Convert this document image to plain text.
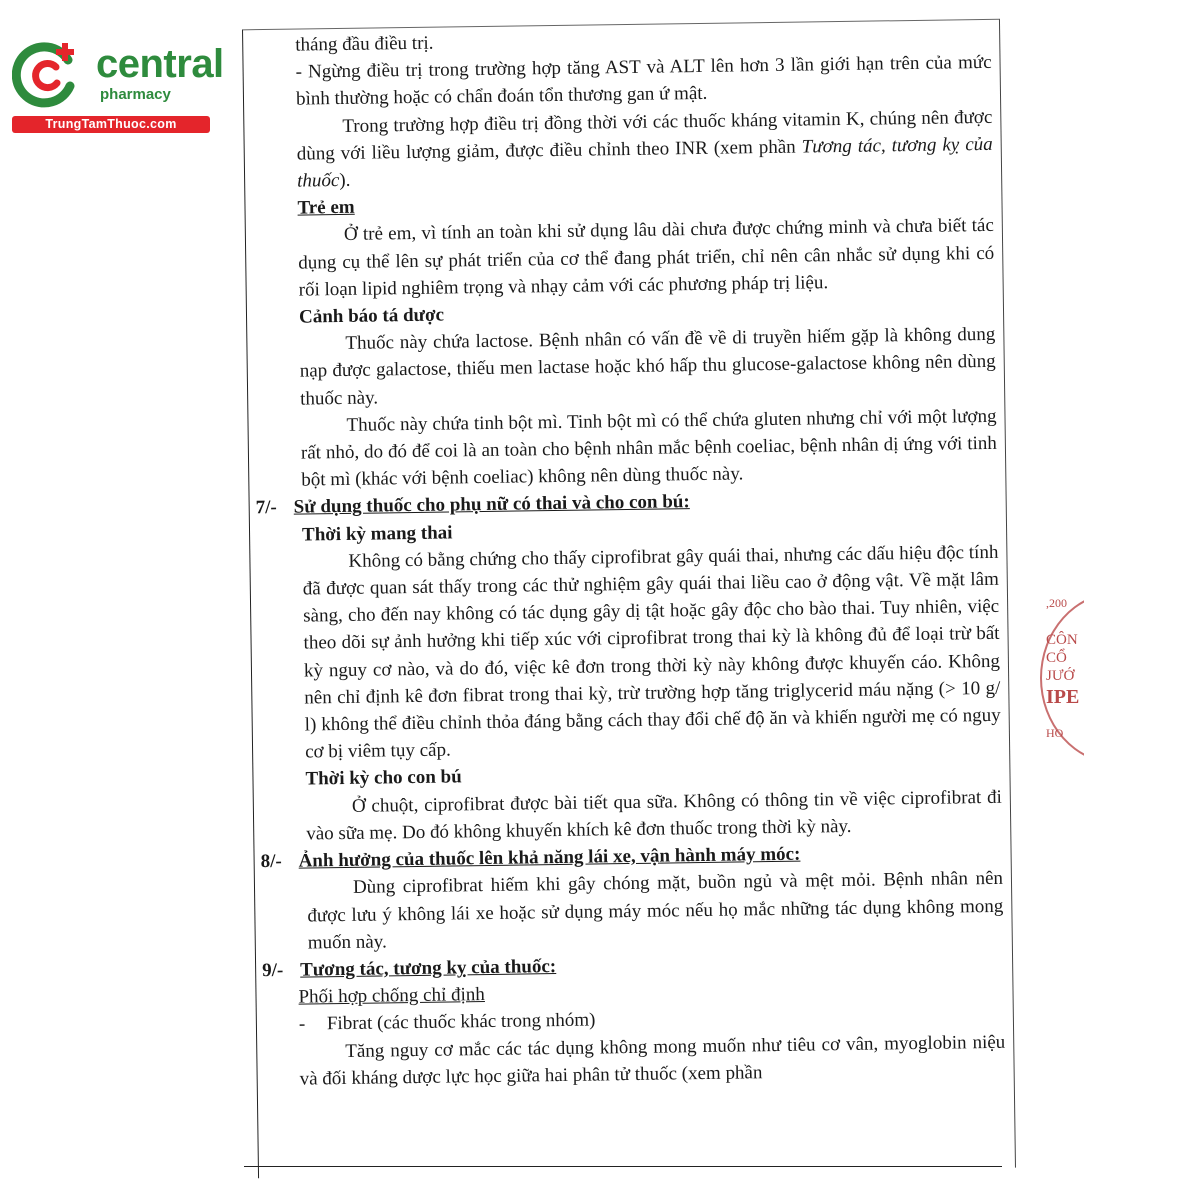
central
pharmacy
TrungTamThuoc.com

tháng đầu điều trị.

- Ngừng điều trị trong trường hợp tăng AST và ALT lên hơn 3 lần giới hạn trên của mức bình thường hoặc có chẩn đoán tổn thương gan ứ mật.

Trong trường hợp điều trị đồng thời với các thuốc kháng vitamin K, chúng nên được dùng với liều lượng giảm, được điều chỉnh theo INR (xem phần Tương tác, tương kỵ của thuốc).

Trẻ em

Ở trẻ em, vì tính an toàn khi sử dụng lâu dài chưa được chứng minh và chưa biết tác dụng cụ thể lên sự phát triển của cơ thể đang phát triển, chỉ nên cân nhắc sử dụng khi có rối loạn lipid nghiêm trọng và nhạy cảm với các phương pháp trị liệu.

Cảnh báo tá dược

Thuốc này chứa lactose. Bệnh nhân có vấn đề về di truyền hiếm gặp là không dung nạp được galactose, thiếu men lactase hoặc khó hấp thu glucose-galactose không nên dùng thuốc này.

Thuốc này chứa tinh bột mì. Tinh bột mì có thể chứa gluten nhưng chỉ với một lượng rất nhỏ, do đó để coi là an toàn cho bệnh nhân mắc bệnh coeliac, bệnh nhân dị ứng với tinh bột mì (khác với bệnh coeliac) không nên dùng thuốc này.

7/- Sử dụng thuốc cho phụ nữ có thai và cho con bú:

Thời kỳ mang thai

Không có bằng chứng cho thấy ciprofibrat gây quái thai, nhưng các dấu hiệu độc tính đã được quan sát thấy trong các thử nghiệm gây quái thai liều cao ở động vật. Về mặt lâm sàng, cho đến nay không có tác dụng gây dị tật hoặc gây độc cho bào thai. Tuy nhiên, việc theo dõi sự ảnh hưởng khi tiếp xúc với ciprofibrat trong thai kỳ là không đủ để loại trừ bất kỳ nguy cơ nào, và do đó, việc kê đơn trong thời kỳ này không được khuyến cáo. Không nên chỉ định kê đơn fibrat trong thai kỳ, trừ trường hợp tăng triglycerid máu nặng (> 10 g/ l) không thể điều chỉnh thỏa đáng bằng cách thay đổi chế độ ăn và khiến người mẹ có nguy cơ bị viêm tụy cấp.

Thời kỳ cho con bú

Ở chuột, ciprofibrat được bài tiết qua sữa. Không có thông tin về việc ciprofibrat đi vào sữa mẹ. Do đó không khuyến khích kê đơn thuốc trong thời kỳ này.

8/- Ảnh hưởng của thuốc lên khả năng lái xe, vận hành máy móc:

Dùng ciprofibrat hiếm khi gây chóng mặt, buồn ngủ và mệt mỏi. Bệnh nhân nên được lưu ý không lái xe hoặc sử dụng máy móc nếu họ mắc những tác dụng không mong muốn này.

9/- Tương tác, tương kỵ của thuốc:

Phối hợp chống chỉ định

- Fibrat (các thuốc khác trong nhóm)

Tăng nguy cơ mắc các tác dụng không mong muốn như tiêu cơ vân, myoglobin niệu và đối kháng dược lực học giữa hai phân tử thuốc (xem phần

,200
CÔN
CỔ
JƯỚ
IPE
HO
